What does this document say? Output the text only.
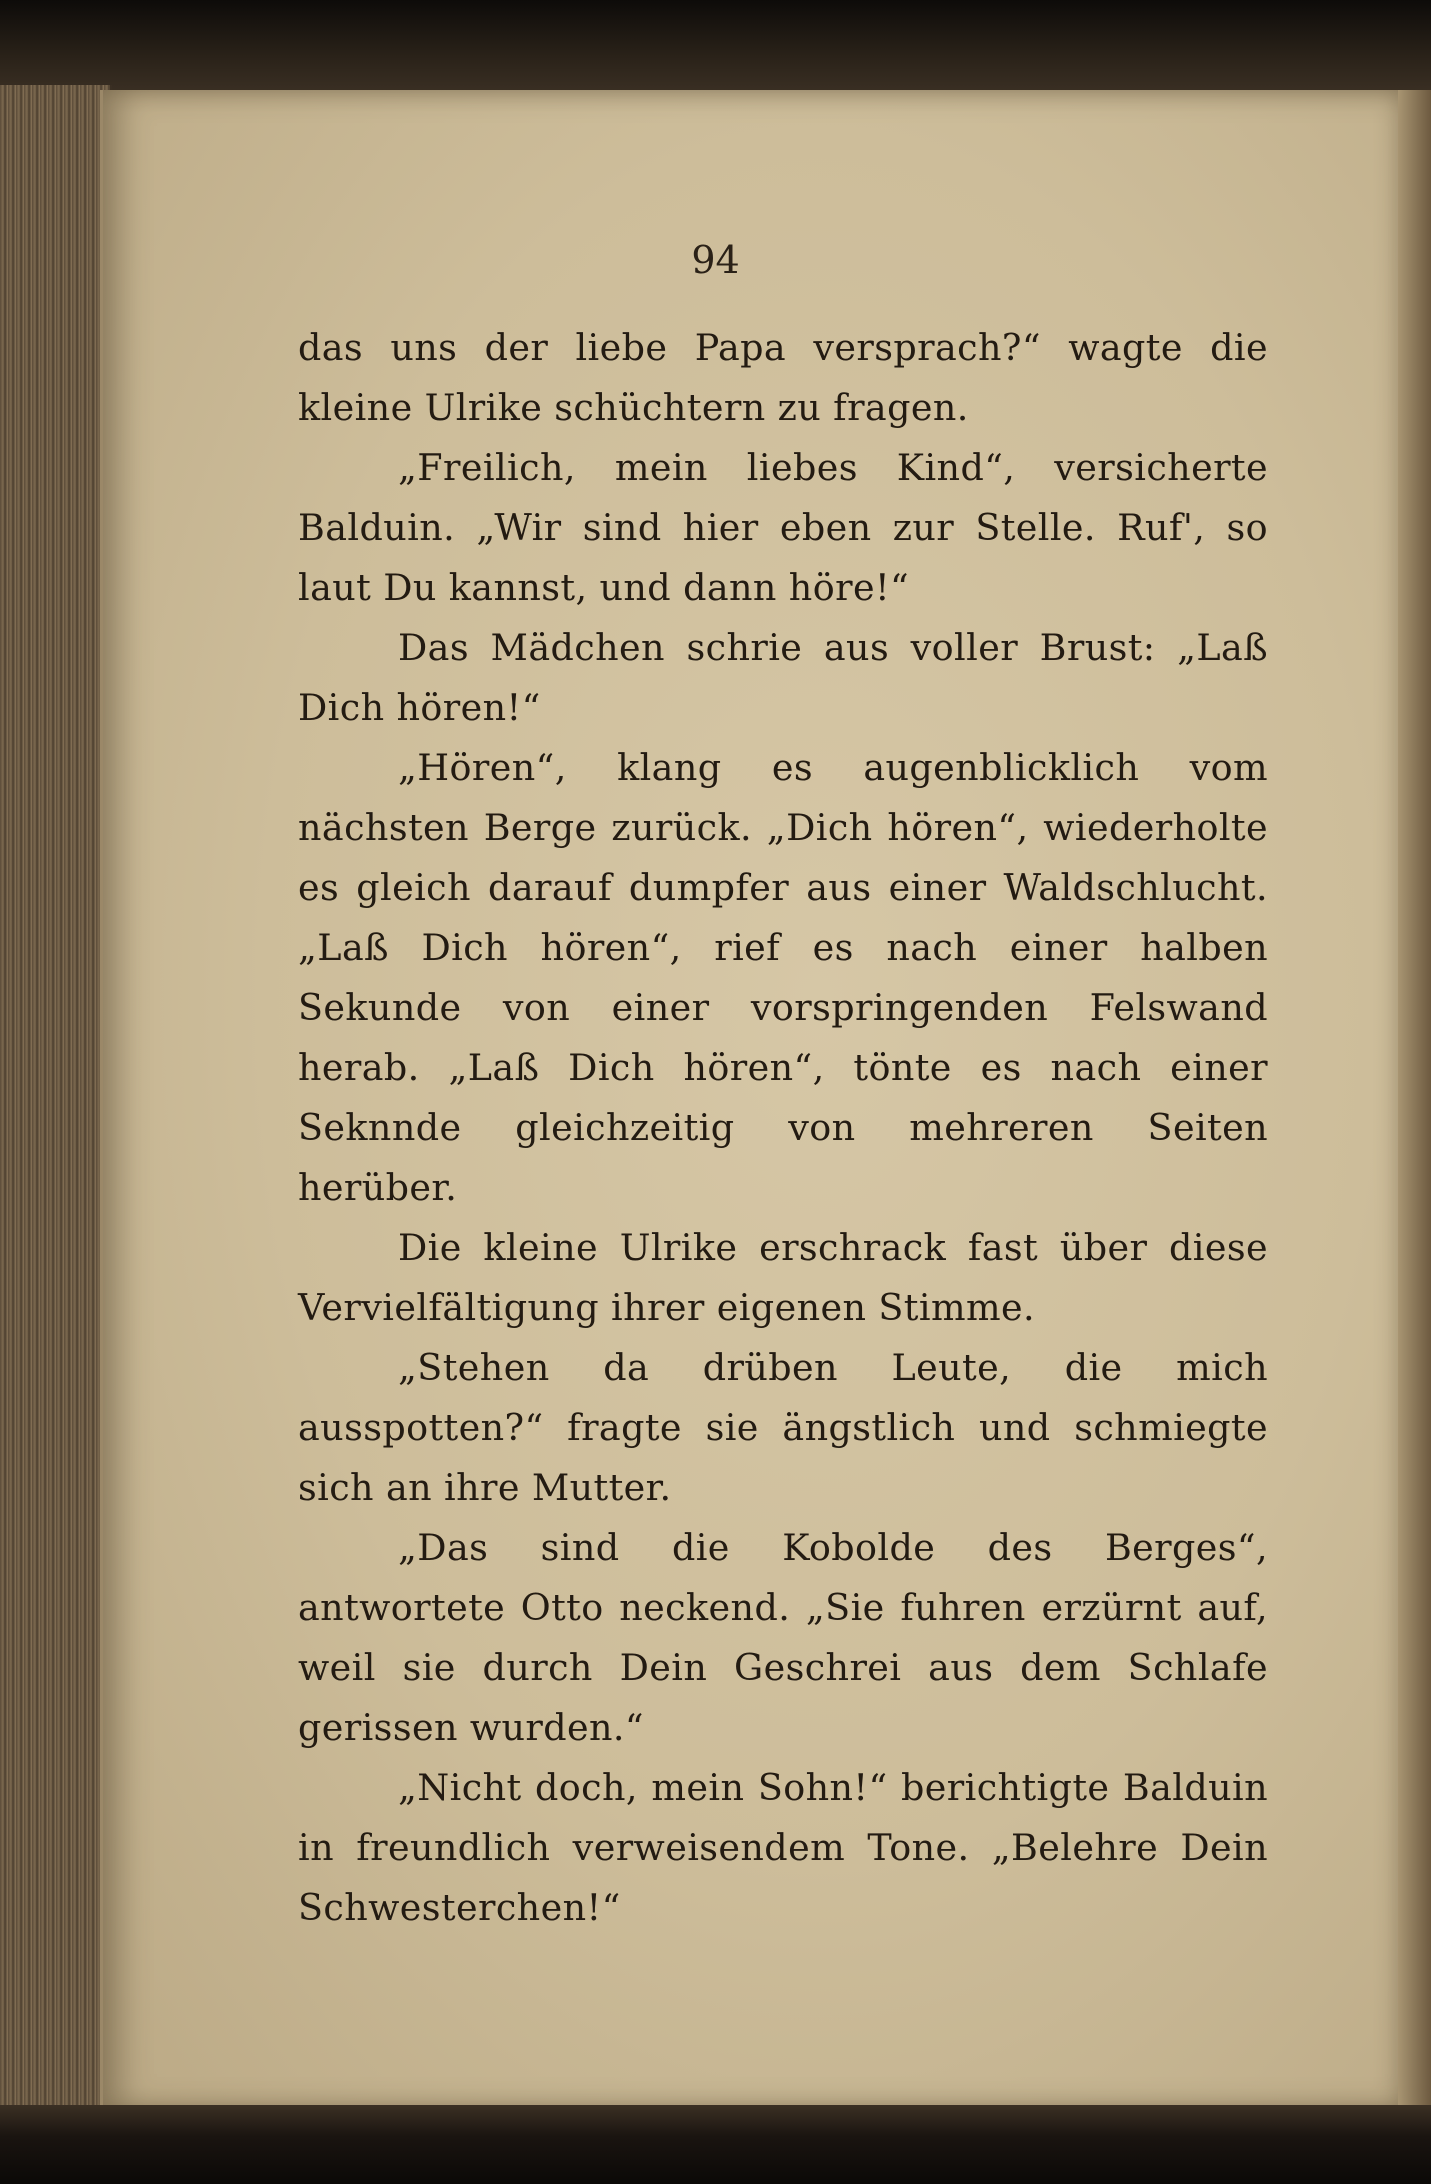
94

das uns der liebe Papa versprach?“ wagte die kleine Ulrike schüchtern zu fragen.

„Freilich, mein liebes Kind“, versicherte Balduin. „Wir sind hier eben zur Stelle. Ruf', so laut Du kannst, und dann höre!“

Das Mädchen schrie aus voller Brust: „Laß Dich hören!“

„Hören“, klang es augenblicklich vom nächsten Berge zurück. „Dich hören“, wiederholte es gleich darauf dumpfer aus einer Waldschlucht. „Laß Dich hören“, rief es nach einer halben Sekunde von einer vorspringenden Felswand herab. „Laß Dich hören“, tönte es nach einer Seknnde gleichzeitig von mehreren Seiten herüber.

Die kleine Ulrike erschrack fast über diese Vervielfältigung ihrer eigenen Stimme.

„Stehen da drüben Leute, die mich ausspotten?“ fragte sie ängstlich und schmiegte sich an ihre Mutter.

„Das sind die Kobolde des Berges“, antwortete Otto neckend. „Sie fuhren erzürnt auf, weil sie durch Dein Geschrei aus dem Schlafe gerissen wurden.“

„Nicht doch, mein Sohn!“ berichtigte Balduin in freundlich verweisendem Tone. „Belehre Dein Schwesterchen!“
